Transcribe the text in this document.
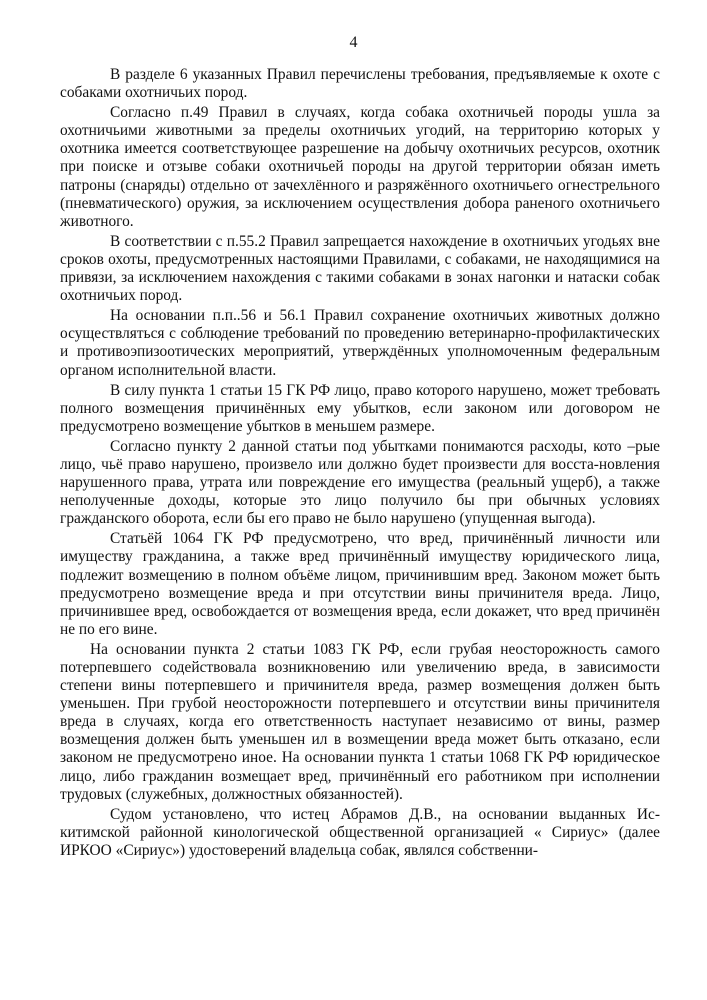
4

В разделе 6 указанных Правил перечислены требования, предъявляемые к охоте с собаками охотничьих пород.

Согласно п.49 Правил в случаях, когда собака охотничьей породы ушла за охотничьими животными за пределы охотничьих угодий, на территорию которых у охотника имеется соответствующее разрешение на добычу охотничьих ресурсов, охотник при поиске и отзыве собаки охотничьей породы на другой территории обязан иметь патроны (снаряды) отдельно от зачехлённого и разряжённого охотничьего огнестрельного (пневматического) оружия, за исключением осуществления добора раненого охотничьего животного.

В соответствии с п.55.2 Правил запрещается нахождение в охотничьих угодьях вне сроков охоты, предусмотренных настоящими Правилами, с собаками, не находящимися на привязи, за исключением нахождения с такими собаками в зонах нагонки и натаски собак охотничьих пород.

На основании п.п..56 и 56.1 Правил сохранение охотничьих животных должно осуществляться с соблюдение требований по проведению ветеринарно-профилактических и противоэпизоотических мероприятий, утверждённых уполномоченным федеральным органом исполнительной власти.

В силу пункта 1 статьи 15 ГК РФ лицо, право которого нарушено, может требовать полного возмещения причинённых ему убытков, если законом или договором не предусмотрено возмещение убытков в меньшем размере.

Согласно пункту 2 данной статьи под убытками понимаются расходы, кото –рые лицо, чьё право нарушено, произвело или должно будет произвести для восста-новления нарушенного права, утрата или повреждение его имущества (реальный ущерб), а также неполученные доходы, которые это лицо получило бы при обычных условиях гражданского оборота, если бы его право не было нарушено (упущенная выгода).

Статьёй 1064 ГК РФ предусмотрено, что вред, причинённый личности или имуществу гражданина, а также вред причинённый имуществу юридического лица, подлежит возмещению в полном объёме лицом, причинившим вред. Законом может быть предусмотрено возмещение вреда и при отсутствии вины причинителя вреда. Лицо, причинившее вред, освобождается от возмещения вреда, если докажет, что вред причинён не по его вине.

На основании пункта 2 статьи 1083 ГК РФ, если грубая неосторожность самого потерпевшего содействовала возникновению или увеличению вреда, в зависимости степени вины потерпевшего и причинителя вреда, размер возмещения должен быть уменьшен. При грубой неосторожности потерпевшего и отсутствии вины причинителя вреда в случаях, когда его ответственность наступает независимо от вины, размер возмещения должен быть уменьшен ил в возмещении вреда может быть отказано, если законом не предусмотрено иное. На основании пункта 1 статьи 1068 ГК РФ юридическое лицо, либо гражданин возмещает вред, причинённый его работником при исполнении трудовых (служебных, должностных обязанностей).

Судом установлено, что истец Абрамов Д.В., на основании выданных Ис-китимской районной кинологической общественной организацией « Сириус» (далее ИРКОО «Сириус») удостоверений владельца собак, являлся собственни-
